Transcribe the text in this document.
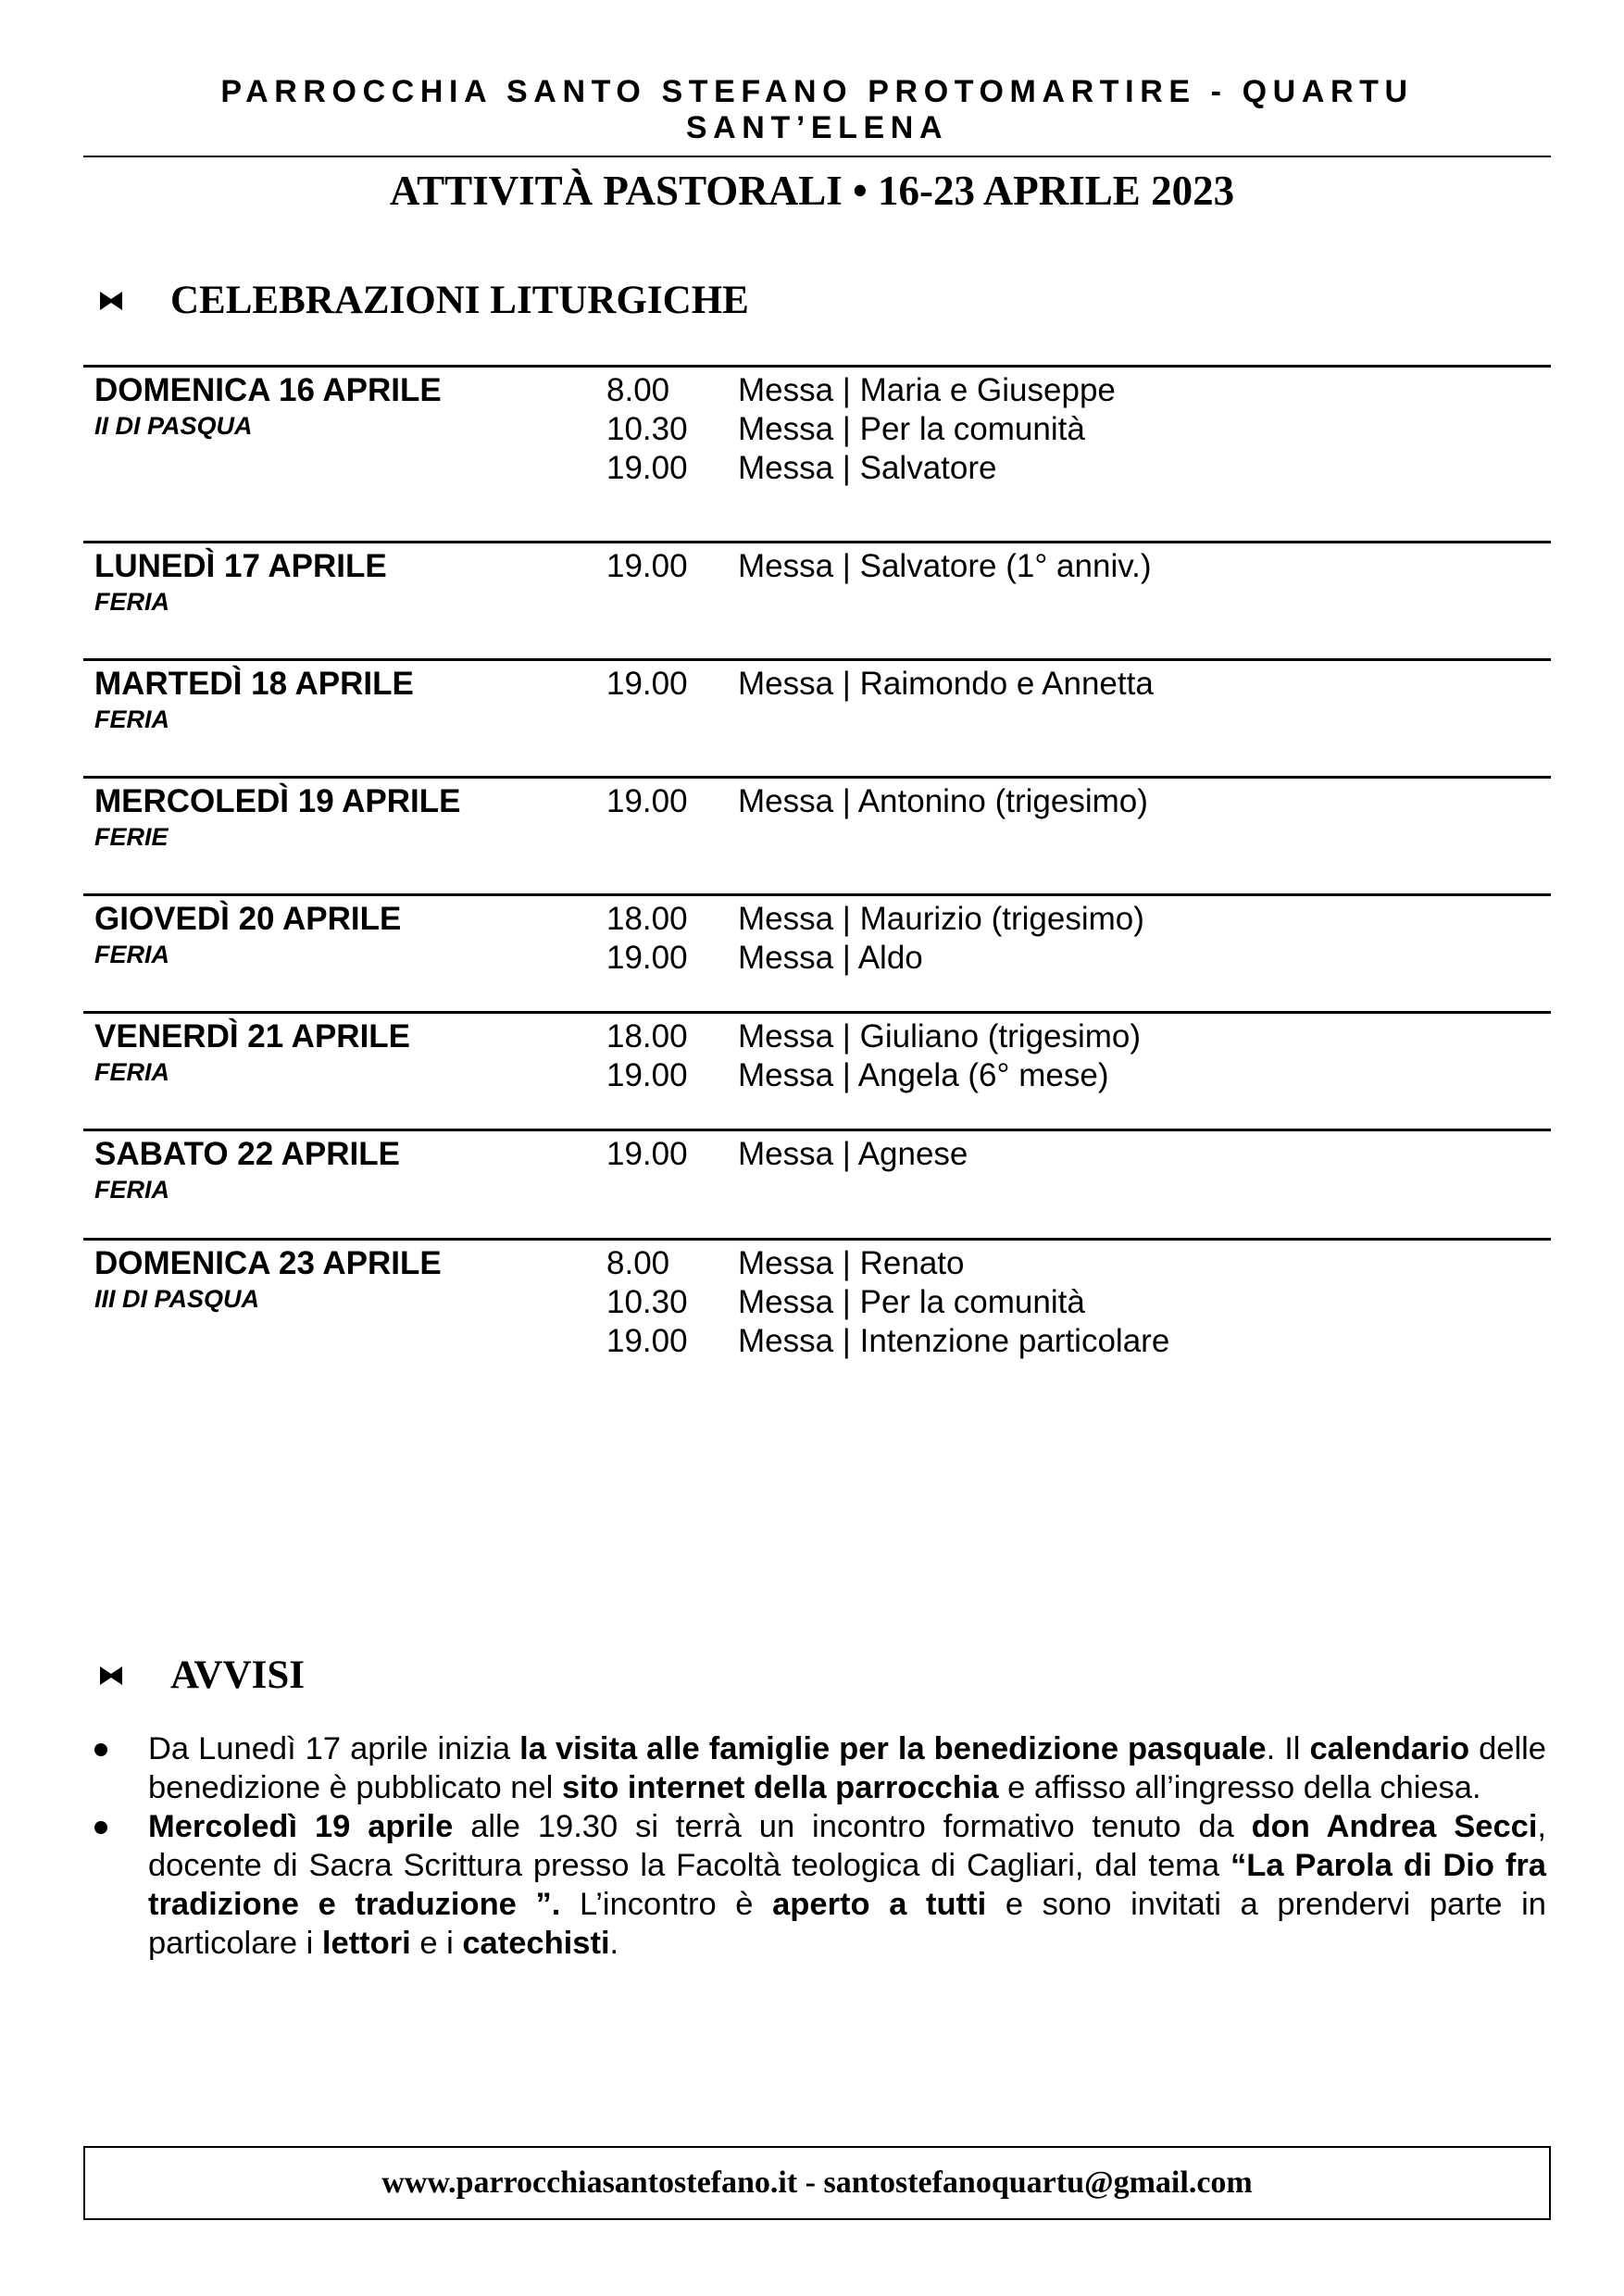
PARROCCHIA SANTO STEFANO PROTOMARTIRE - QUARTU SANT’ELENA
ATTIVITÀ PASTORALI • 16-23 APRILE 2023
CELEBRAZIONI LITURGICHE
DOMENICA 16 APRILE
II DI PASQUA
8.00	Messa | Maria e Giuseppe
10.30	Messa | Per la comunità
19.00	Messa | Salvatore
LUNEDÌ 17 APRILE
FERIA
19.00	Messa | Salvatore (1° anniv.)
MARTEDÌ 18 APRILE
FERIA
19.00	Messa | Raimondo e Annetta
MERCOLEDÌ 19 APRILE
FERIE
19.00	Messa | Antonino (trigesimo)
GIOVEDÌ 20 APRILE
FERIA
18.00	Messa | Maurizio (trigesimo)
19.00	Messa | Aldo
VENERDÌ 21 APRILE
FERIA
18.00	Messa | Giuliano (trigesimo)
19.00	Messa | Angela (6° mese)
SABATO 22 APRILE
FERIA
19.00	Messa | Agnese
DOMENICA 23 APRILE
III DI PASQUA
8.00	Messa | Renato
10.30	Messa | Per la comunità
19.00	Messa | Intenzione particolare
AVVISI
Da Lunedì 17 aprile inizia la visita alle famiglie per la benedizione pasquale. Il calendario delle benedizione è pubblicato nel sito internet della parrocchia e affisso all’ingresso della chiesa.
Mercoledì 19 aprile alle 19.30 si terrà un incontro formativo tenuto da don Andrea Secci, docente di Sacra Scrittura presso la Facoltà teologica di Cagliari, dal tema “La Parola di Dio fra tradizione e traduzione ”. L’incontro è aperto a tutti e sono invitati a prendervi parte in particolare i lettori e i catechisti.
www.parrocchiasantostefano.it - santostefanoquartu@gmail.com
